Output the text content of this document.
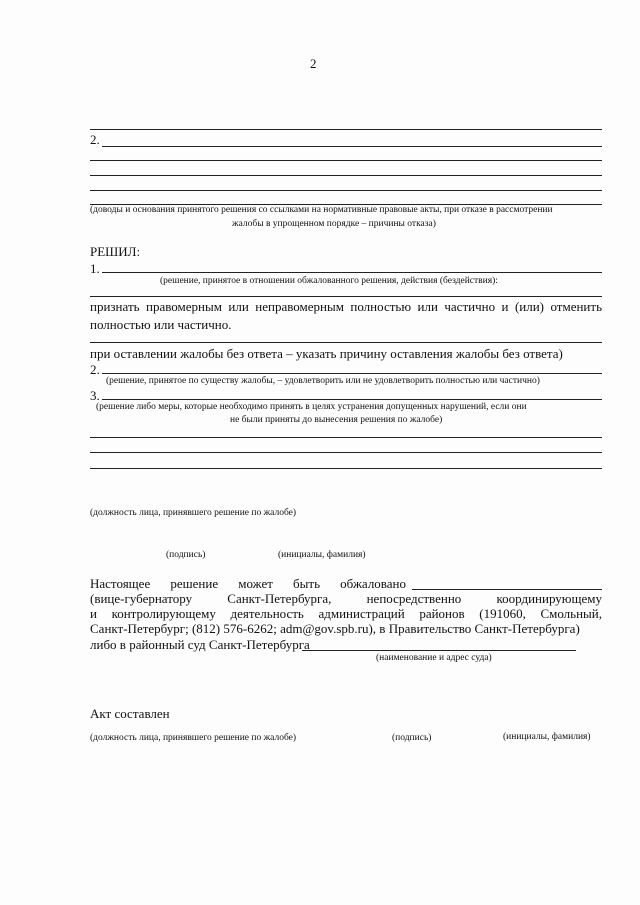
2
2.
(доводы и основания принятого решения со ссылками на нормативные правовые акты, при отказе в рассмотрении
жалобы в упрощенном порядке – причины отказа)
РЕШИЛ:
1.
(решение, принятое в отношении обжалованного решения, действия (бездействия):
признать правомерным или неправомерным полностью или частично и (или) отменить
полностью или частично.
при оставлении жалобы без ответа – указать причину оставления жалобы без ответа)
2.
(решение, принятое по существу жалобы, – удовлетворить или не удовлетворить полностью или частично)
3.
(решение либо меры, которые необходимо принять в целях устранения допущенных нарушений, если они
не были приняты до вынесения решения по жалобе)
(должность лица, принявшего решение по жалобе)
(подпись)	(инициалы, фамилия)
Настоящее решение может быть обжаловано
(вице-губернатору Санкт-Петербурга, непосредственно координирующему
и контролирующему деятельность администраций районов (191060, Смольный,
Санкт-Петербург; (812) 576-6262; adm@gov.spb.ru), в Правительство Санкт-Петербурга)
либо в районный суд Санкт-Петербурга
(наименование и адрес суда)
Акт составлен
(должность лица, принявшего решение по жалобе)	(подпись)	(инициалы, фамилия)
